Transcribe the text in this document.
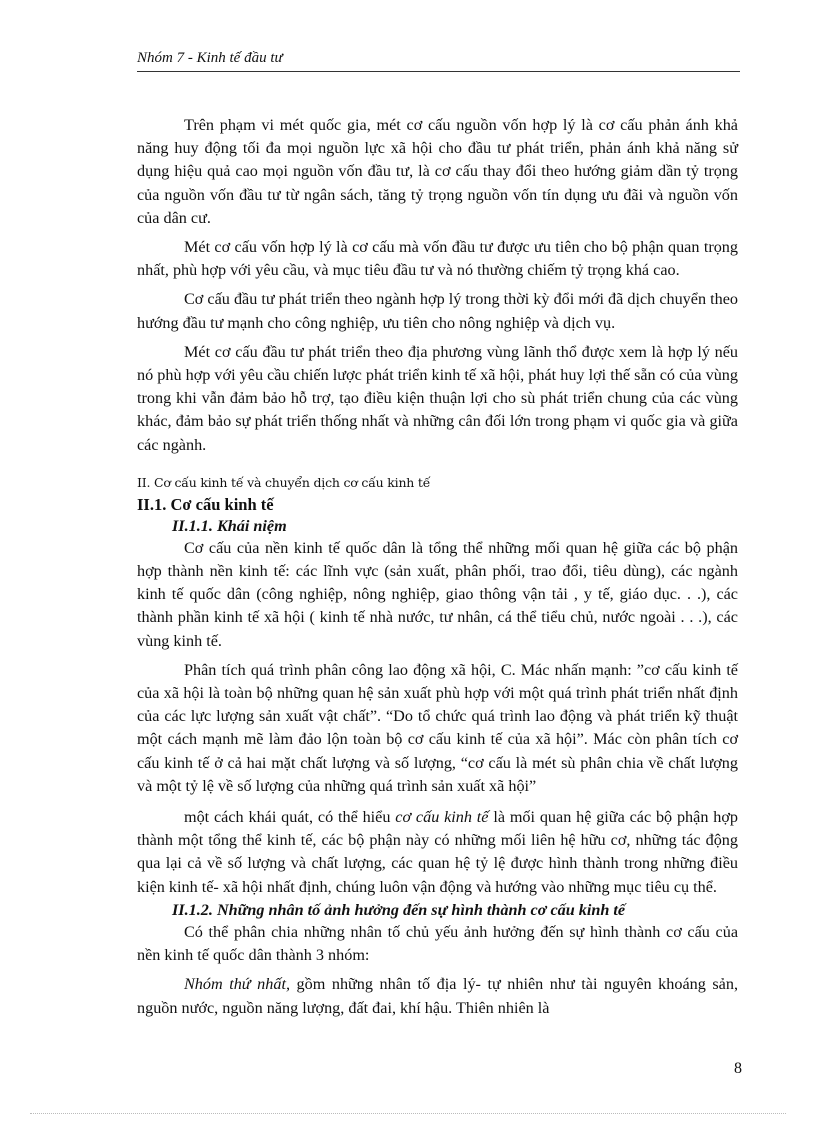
Nhóm 7 - Kinh tế đầu tư

Trên phạm vi mét quốc gia, mét cơ cấu nguồn vốn hợp lý là cơ cấu phản ánh khả năng huy động tối đa mọi nguồn lực xã hội cho đầu tư phát triển, phản ánh khả năng sử dụng hiệu quả cao mọi nguồn vốn đầu tư, là cơ cấu thay đổi theo hướng giảm dần tỷ trọng của nguồn vốn đầu tư từ ngân sách, tăng tỷ trọng nguồn vốn tín dụng ưu đãi và nguồn vốn của dân cư.

Mét cơ cấu vốn hợp lý là cơ cấu mà vốn đầu tư được ưu tiên cho bộ phận quan trọng nhất, phù hợp với yêu cầu, và mục tiêu đầu tư và nó thường chiếm tỷ trọng khá cao.

Cơ cấu đầu tư phát triển theo ngành hợp lý trong thời kỳ đổi mới đã dịch chuyển theo hướng đầu tư mạnh cho công nghiệp, ưu tiên cho nông nghiệp và dịch vụ.

Mét cơ cấu đầu tư phát triển theo địa phương vùng lãnh thổ được xem là hợp lý nếu nó phù hợp với yêu cầu chiến lược phát triển kinh tế xã hội, phát huy lợi thế sẵn có của vùng trong khi vẫn đảm bảo hỗ trợ, tạo điều kiện thuận lợi cho sù phát triển chung của các vùng khác, đảm bảo sự phát triển thống nhất và những cân đối lớn trong phạm vi quốc gia và giữa các ngành.

II. Cơ cấu kinh tế và chuyển dịch cơ cấu kinh tế

II.1. Cơ cấu kinh tế

II.1.1. Khái niệm

Cơ cấu của nền kinh tế quốc dân là tổng thể những mối quan hệ giữa các bộ phận hợp thành nền kinh tế: các lĩnh vực (sản xuất, phân phối, trao đổi, tiêu dùng), các ngành kinh tế quốc dân (công nghiệp, nông nghiệp, giao thông vận tải , y tế, giáo dục. . .), các thành phần kinh tế xã hội ( kinh tế nhà nước, tư nhân, cá thể tiểu chủ, nước ngoài . . .), các vùng kinh tế.

Phân tích quá trình phân công lao động xã hội, C. Mác nhấn mạnh: ”cơ cấu kinh tế của xã hội là toàn bộ những quan hệ sản xuất phù hợp với một quá trình phát triển nhất định của các lực lượng sản xuất vật chất”. “Do tổ chức quá trình lao động và phát triển kỹ thuật một cách mạnh mẽ làm đảo lộn toàn bộ cơ cấu kinh tế của xã hội”. Mác còn phân tích cơ cấu kinh tế ở cả hai mặt chất lượng và số lượng, “cơ cấu là mét sù phân chia về chất lượng và một tỷ lệ về số lượng của những quá trình sản xuất xã hội”

một cách khái quát, có thể hiểu cơ cấu kinh tế là mối quan hệ giữa các bộ phận hợp thành một tổng thể kinh tế, các bộ phận này có những mối liên hệ hữu cơ, những tác động qua lại cả về số lượng và chất lượng, các quan hệ tỷ lệ được hình thành trong những điều kiện kinh tế- xã hội nhất định, chúng luôn vận động và hướng vào những mục tiêu cụ thể.

II.1.2. Những nhân tố ảnh hưởng đến sự hình thành cơ cấu kinh tế

Có thể phân chia những nhân tố chủ yếu ảnh hưởng đến sự hình thành cơ cấu của nền kinh tế quốc dân thành 3 nhóm:

Nhóm thứ nhất, gồm những nhân tố địa lý- tự nhiên như tài nguyên khoáng sản, nguồn nước, nguồn năng lượng, đất đai, khí hậu. Thiên nhiên là

8
